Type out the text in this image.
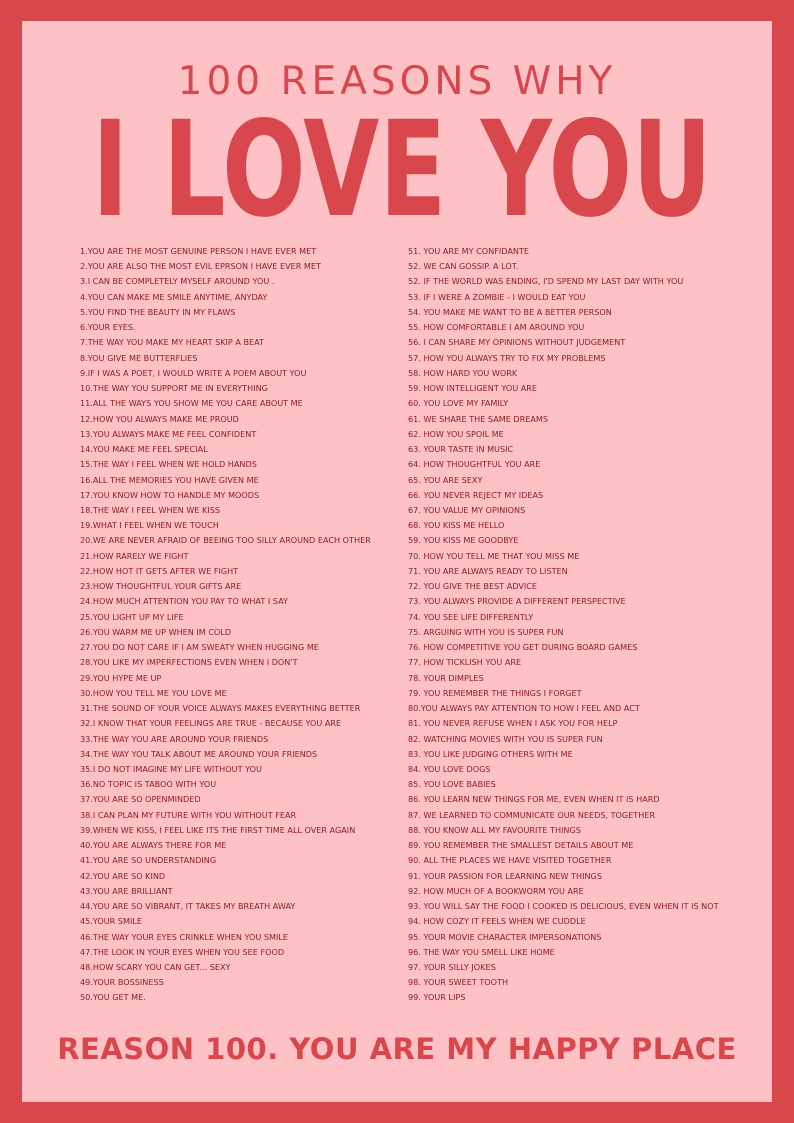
100 REASONS WHY
I LOVE YOU
1.YOU ARE THE MOST GENUINE PERSON I HAVE EVER MET
2.YOU ARE ALSO THE MOST EVIL EPRSON I HAVE EVER MET
3.I CAN BE COMPLETELY MYSELF AROUND YOU .
4.YOU CAN MAKE ME SMILE ANYTIME, ANYDAY
5.YOU FIND THE BEAUTY IN MY FLAWS
6.YOUR EYES.
7.THE WAY YOU MAKE MY HEART SKIP A BEAT
8.YOU GIVE ME BUTTERFLIES
9.IF I WAS A POET, I WOULD WRITE A POEM ABOUT YOU
10.THE WAY YOU SUPPORT ME IN EVERYTHING
11.ALL THE WAYS YOU SHOW ME YOU CARE ABOUT ME
12.HOW YOU ALWAYS MAKE ME PROUD
13.YOU ALWAYS MAKE ME FEEL CONFIDENT
14.YOU MAKE ME FEEL SPECIAL
15.THE WAY I FEEL WHEN WE HOLD HANDS
16.ALL THE MEMORIES YOU HAVE GIVEN ME
17.YOU KNOW HOW TO HANDLE MY MOODS
18.THE WAY I FEEL WHEN WE KISS
19.WHAT I FEEL WHEN WE TOUCH
20.WE ARE NEVER AFRAID OF BEEING TOO SILLY AROUND EACH OTHER
21.HOW RARELY WE FIGHT
22.HOW HOT IT GETS AFTER WE FIGHT
23.HOW THOUGHTFUL YOUR GIFTS ARE
24.HOW MUCH ATTENTION YOU PAY TO WHAT I SAY
25.YOU LIGHT UP MY LIFE
26.YOU WARM ME UP WHEN IM COLD
27.YOU DO NOT CARE IF I AM SWEATY WHEN HUGGING ME
28.YOU LIKE MY IMPERFECTIONS EVEN WHEN I DON'T
29.YOU HYPE ME UP
30.HOW YOU TELL ME YOU LOVE ME
31.THE SOUND OF YOUR VOICE ALWAYS MAKES EVERYTHING BETTER
32.I KNOW THAT YOUR FEELINGS ARE TRUE - BECAUSE YOU ARE
33.THE WAY YOU ARE AROUND YOUR FRIENDS
34.THE WAY YOU TALK ABOUT ME AROUND YOUR FRIENDS
35.I DO NOT IMAGINE MY LIFE WITHOUT YOU
36.NO TOPIC IS TABOO WITH YOU
37.YOU ARE SO OPENMINDED
38.I CAN PLAN MY FUTURE WITH YOU WITHOUT FEAR
39.WHEN WE KISS, I FEEL LIKE ITS THE FIRST TIME ALL OVER AGAIN
40.YOU ARE ALWAYS THERE FOR ME
41.YOU ARE SO UNDERSTANDING
42.YOU ARE SO KIND
43.YOU ARE BRILLIANT
44.YOU ARE SO VIBRANT, IT TAKES MY BREATH AWAY
45.YOUR SMILE
46.THE WAY YOUR EYES CRINKLE WHEN YOU SMILE
47.THE LOOK IN YOUR EYES WHEN YOU SEE FOOD
48.HOW SCARY YOU CAN GET... SEXY
49.YOUR BOSSINESS
50.YOU GET ME.
51. YOU ARE MY CONFIDANTE
52. WE CAN GOSSIP. A LOT.
52. IF THE WORLD WAS ENDING, I'D SPEND MY LAST DAY WITH YOU
53. IF I WERE A ZOMBIE - I WOULD EAT YOU
54. YOU MAKE ME WANT TO BE A BETTER PERSON
55. HOW COMFORTABLE I AM AROUND YOU
56. I CAN SHARE MY OPINIONS WITHOUT JUDGEMENT
57. HOW YOU ALWAYS TRY TO FIX MY PROBLEMS
58. HOW HARD YOU WORK
59. HOW INTELLIGENT YOU ARE
60. YOU LOVE MY FAMILY
61. WE SHARE THE SAME DREAMS
62. HOW YOU SPOIL ME
63. YOUR TASTE IN MUSIC
64. HOW THOUGHTFUL YOU ARE
65. YOU ARE SEXY
66. YOU NEVER REJECT MY IDEAS
67. YOU VALUE MY OPINIONS
68. YOU KISS ME HELLO
59. YOU KISS ME GOODBYE
70. HOW YOU TELL ME THAT YOU MISS ME
71. YOU ARE ALWAYS READY TO LISTEN
72. YOU GIVE THE BEST ADVICE
73. YOU ALWAYS PROVIDE A DIFFERENT PERSPECTIVE
74. YOU SEE LIFE DIFFERENTLY
75. ARGUING WITH YOU IS SUPER FUN
76. HOW COMPETITIVE YOU GET DURING BOARD GAMES
77. HOW TICKLISH YOU ARE
78. YOUR DIMPLES
79. YOU REMEMBER THE THINGS I FORGET
80.YOU ALWAYS PAY ATTENTION TO HOW I FEEL AND ACT
81. YOU NEVER REFUSE WHEN I ASK YOU FOR HELP
82. WATCHING MOVIES WITH YOU IS SUPER FUN
83. YOU LIKE JUDGING OTHERS WITH ME
84. YOU LOVE DOGS
85. YOU LOVE BABIES
86. YOU LEARN NEW THINGS FOR ME, EVEN WHEN IT IS HARD
87. WE LEARNED TO COMMUNICATE OUR NEEDS, TOGETHER
88. YOU KNOW ALL MY FAVOURITE THINGS
89. YOU REMEMBER THE SMALLEST DETAILS ABOUT ME
90. ALL THE PLACES WE HAVE VISITED TOGETHER
91. YOUR PASSION FOR LEARNING NEW THINGS
92. HOW MUCH OF A BOOKWORM YOU ARE
93. YOU WILL SAY THE FOOD I COOKED IS DELICIOUS, EVEN WHEN IT IS NOT
94. HOW COZY IT FEELS WHEN WE CUDDLE
95. YOUR MOVIE CHARACTER IMPERSONATIONS
96. THE WAY YOU SMELL LIKE HOME
97. YOUR SILLY JOKES
98. YOUR SWEET TOOTH
99. YOUR LIPS
REASON 100. YOU ARE MY HAPPY PLACE
